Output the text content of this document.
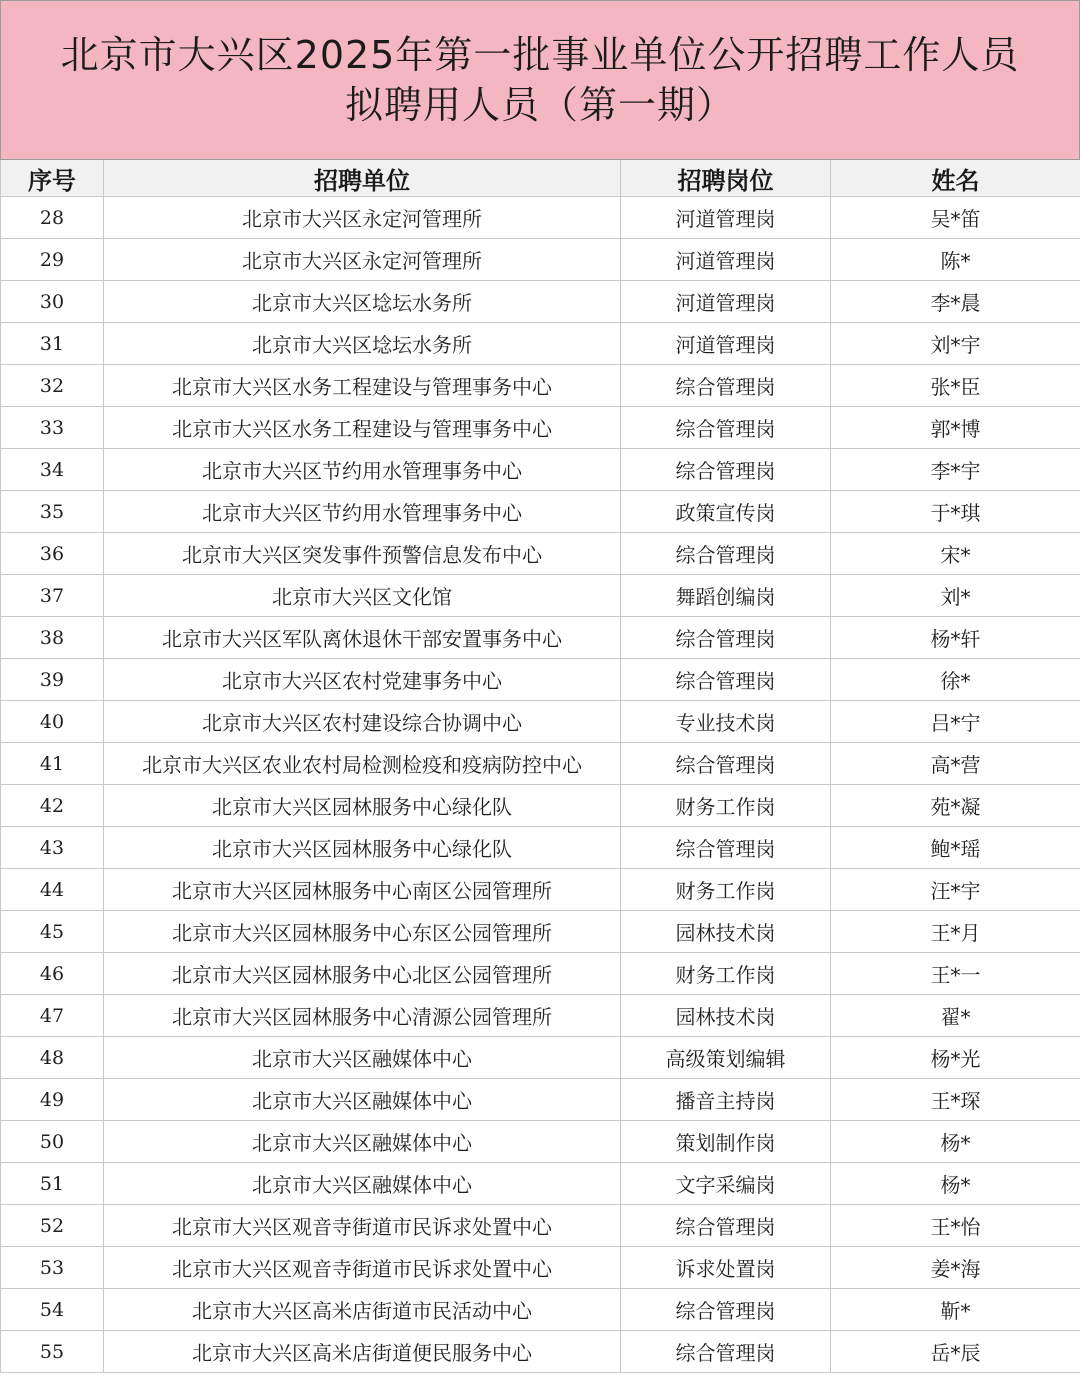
北京市大兴区2025年第一批事业单位公开招聘工作人员
拟聘用人员（第一期）
序号	招聘单位	招聘岗位	姓名
28	北京市大兴区永定河管理所	河道管理岗	吴*笛
29	北京市大兴区永定河管理所	河道管理岗	陈*
30	北京市大兴区埝坛水务所	河道管理岗	李*晨
31	北京市大兴区埝坛水务所	河道管理岗	刘*宇
32	北京市大兴区水务工程建设与管理事务中心	综合管理岗	张*臣
33	北京市大兴区水务工程建设与管理事务中心	综合管理岗	郭*博
34	北京市大兴区节约用水管理事务中心	综合管理岗	李*宇
35	北京市大兴区节约用水管理事务中心	政策宣传岗	于*琪
36	北京市大兴区突发事件预警信息发布中心	综合管理岗	宋*
37	北京市大兴区文化馆	舞蹈创编岗	刘*
38	北京市大兴区军队离休退休干部安置事务中心	综合管理岗	杨*轩
39	北京市大兴区农村党建事务中心	综合管理岗	徐*
40	北京市大兴区农村建设综合协调中心	专业技术岗	吕*宁
41	北京市大兴区农业农村局检测检疫和疫病防控中心	综合管理岗	高*营
42	北京市大兴区园林服务中心绿化队	财务工作岗	苑*凝
43	北京市大兴区园林服务中心绿化队	综合管理岗	鲍*瑶
44	北京市大兴区园林服务中心南区公园管理所	财务工作岗	汪*宇
45	北京市大兴区园林服务中心东区公园管理所	园林技术岗	王*月
46	北京市大兴区园林服务中心北区公园管理所	财务工作岗	王*一
47	北京市大兴区园林服务中心清源公园管理所	园林技术岗	翟*
48	北京市大兴区融媒体中心	高级策划编辑	杨*光
49	北京市大兴区融媒体中心	播音主持岗	王*琛
50	北京市大兴区融媒体中心	策划制作岗	杨*
51	北京市大兴区融媒体中心	文字采编岗	杨*
52	北京市大兴区观音寺街道市民诉求处置中心	综合管理岗	王*怡
53	北京市大兴区观音寺街道市民诉求处置中心	诉求处置岗	姜*海
54	北京市大兴区高米店街道市民活动中心	综合管理岗	靳*
55	北京市大兴区高米店街道便民服务中心	综合管理岗	岳*辰
